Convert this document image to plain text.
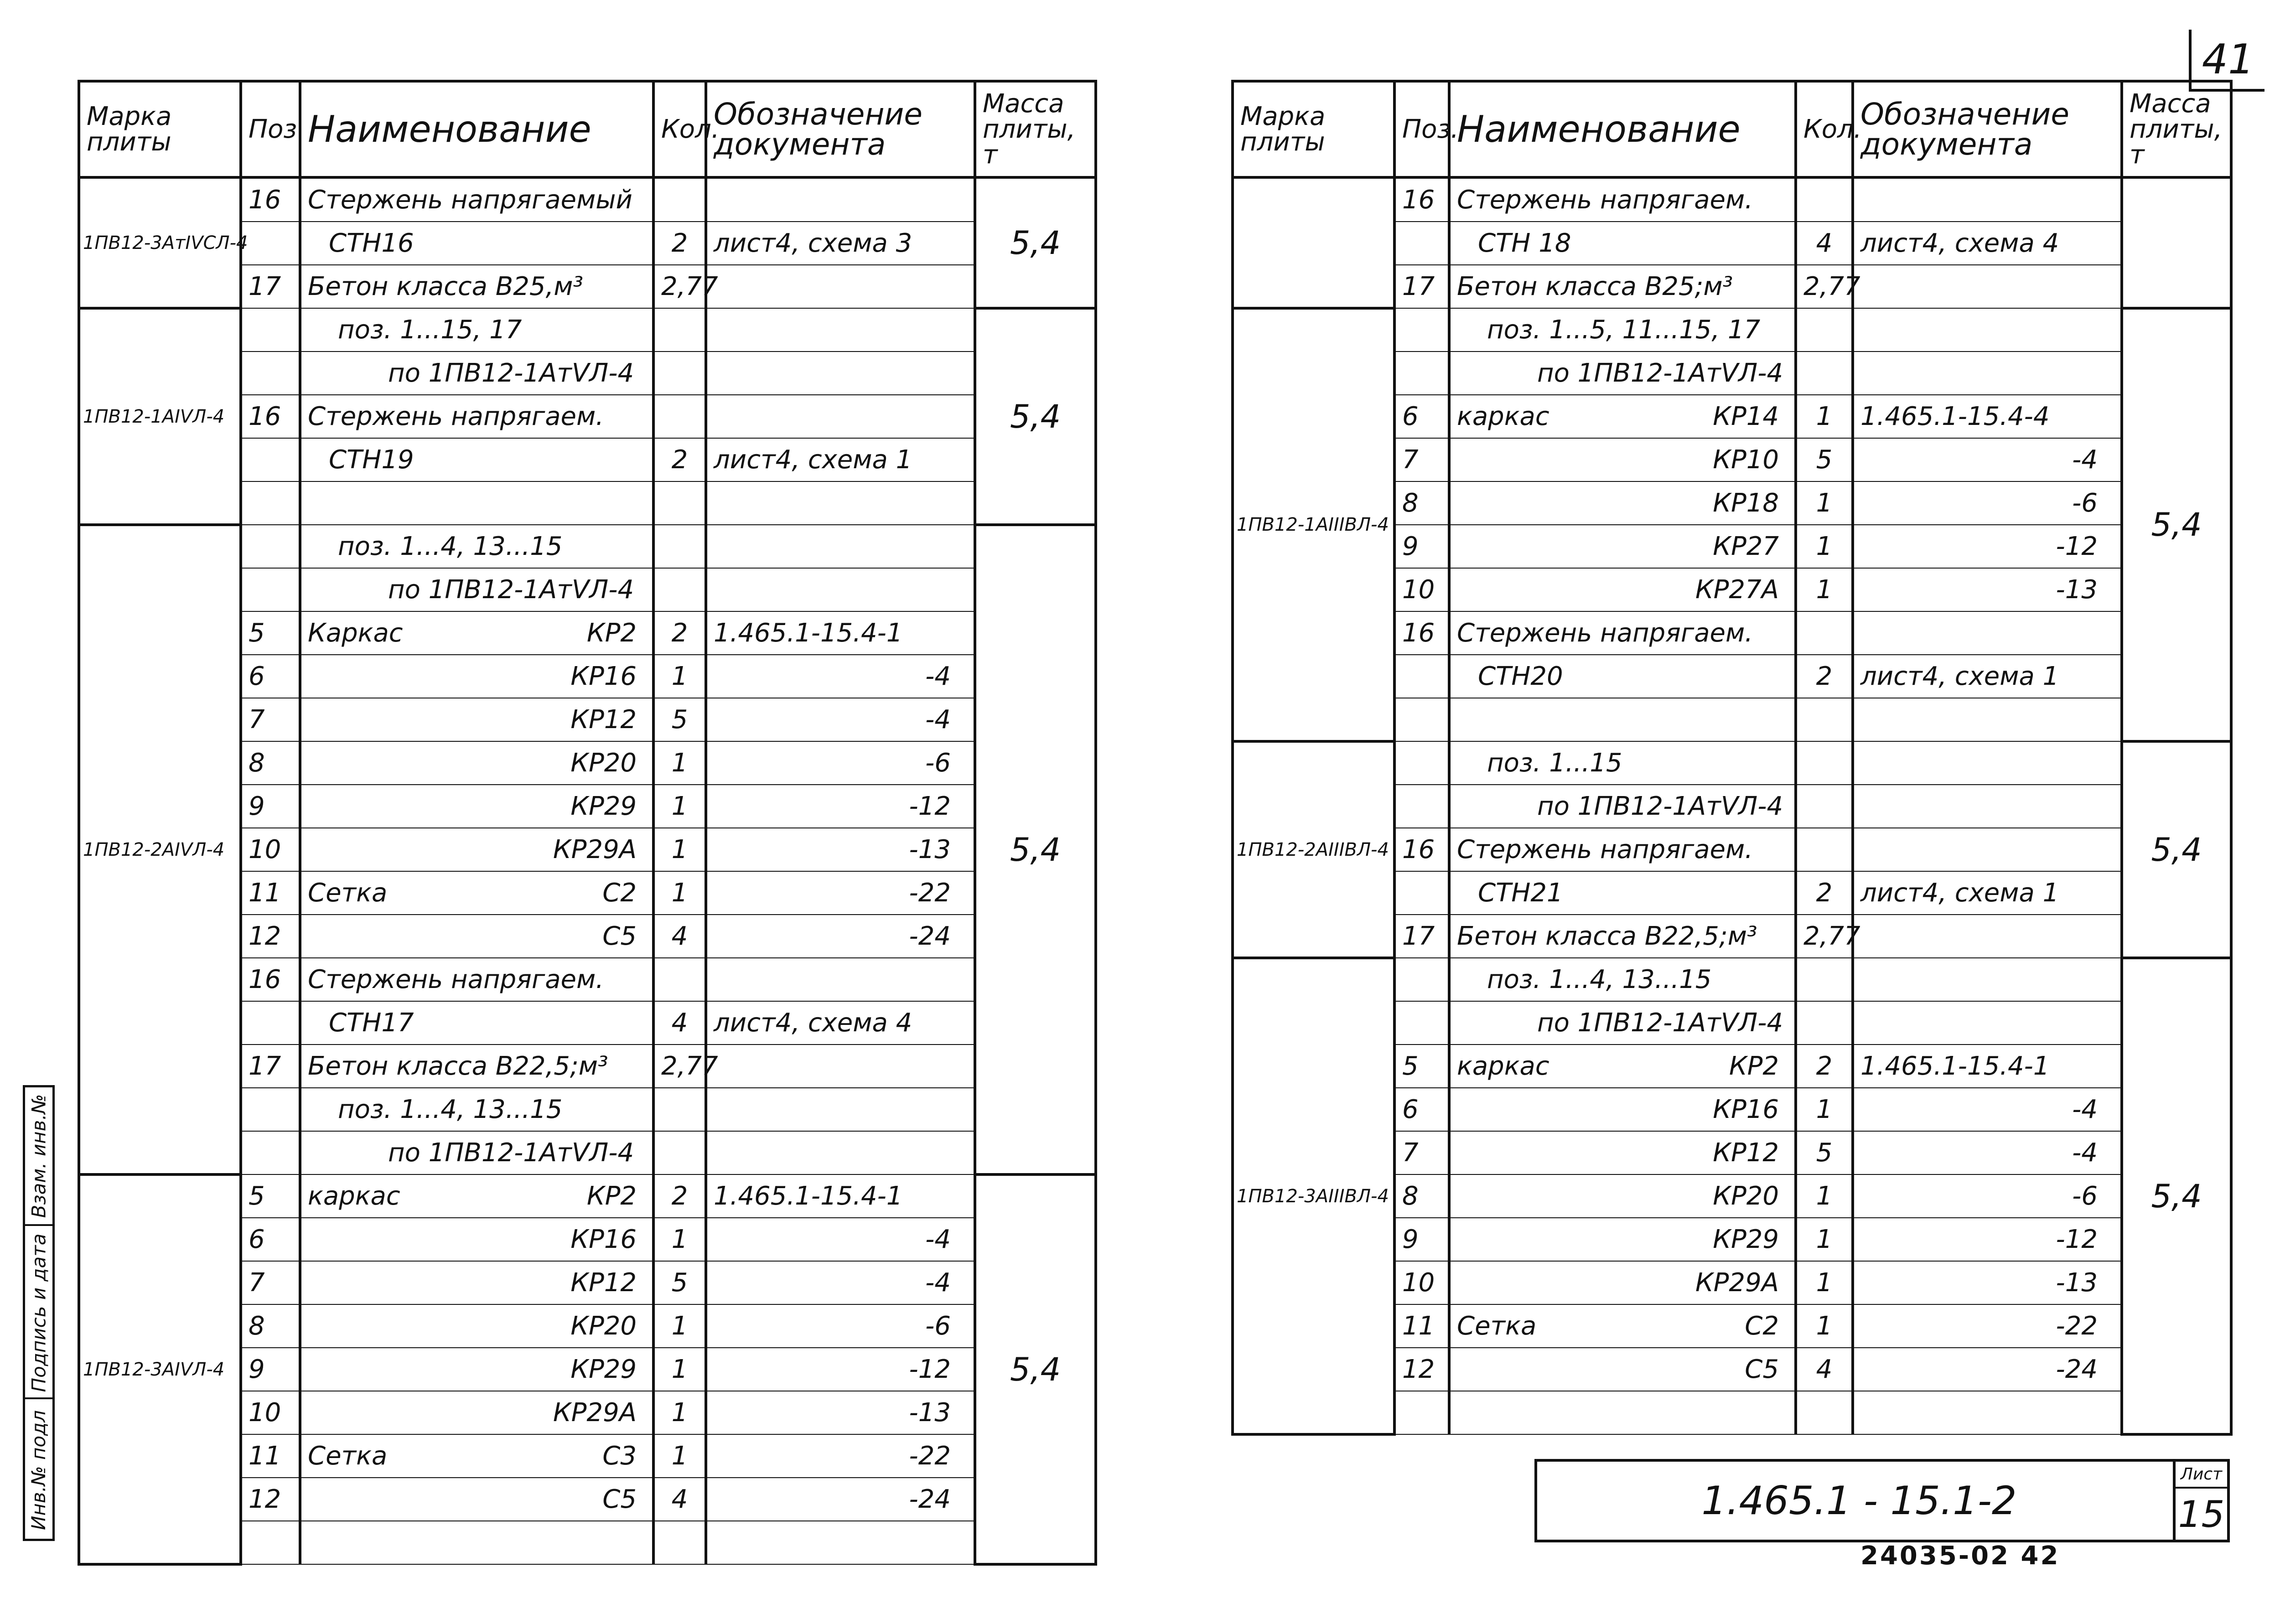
41
Марка плиты	Поз	Наименование	Кол.	Обозначение документа	Масса плиты, т
1ПВ12-3АтIVСЛ-4	16	Стержень напрягаемый			5,4

		СТН16	2	лист4, схема 3	
	17	Бетон класса В25,м³	2,77		
1ПВ12-1АIVЛ-4		поз. 1...15, 17			5,4

		по 1ПВ12-1АтVЛ-4			

	16	Стержень напрягаем.			

		СТН19	2	лист4, схема 1	

1ПВ12-2АIVЛ-4		поз. 1...4, 13...15			5,4

		по 1ПВ12-1АтVЛ-4			

	5	Каркас КР2	2	1.465.1-15.4-1	
	6	КР16	1	-4	
	7	КР12	5	-4	
	8	КР20	1	-6	
	9	КР29	1	-12	
	10	КР29А	1	-13	
	11	Сетка С2	1	-22	
	12	С5	4	-24	
	16	Стержень напрягаем.			

		СТН17	4	лист4, схема 4	
	17	Бетон класса В22,5;м³	2,77		

		поз. 1...4, 13...15			

		по 1ПВ12-1АтVЛ-4			

1ПВ12-3АIVЛ-4	5	каркас КР2	2	1.465.1-15.4-1	5,4
	6	КР16	1	-4	
	7	КР12	5	-4	
	8	КР20	1	-6	
	9	КР29	1	-12	
	10	КР29А	1	-13	
	11	Сетка С3	1	-22	
	12	С5	4	-24	

Марка плиты	Поз.	Наименование	Кол.	Обозначение документа	Масса плиты, т
	16	Стержень напрягаем.			

		СТН 18	4	лист4, схема 4	
	17	Бетон класса В25;м³	2,77		
1ПВ12-1АIIIВЛ-4		поз. 1...5, 11...15, 17			5,4

		по 1ПВ12-1АтVЛ-4			

	6	каркас КР14	1	1.465.1-15.4-4	
	7	КР10	5	-4	
	8	КР18	1	-6	
	9	КР27	1	-12	
	10	КР27А	1	-13	
	16	Стержень напрягаем.			

		СТН20	2	лист4, схема 1	

1ПВ12-2АIIIВЛ-4		поз. 1...15			5,4

		по 1ПВ12-1АтVЛ-4			

	16	Стержень напрягаем.			

		СТН21	2	лист4, схема 1	
	17	Бетон класса В22,5;м³	2,77		
1ПВ12-3АIIIВЛ-4		поз. 1...4, 13...15			5,4

		по 1ПВ12-1АтVЛ-4			

	5	каркас КР2	2	1.465.1-15.4-1	
	6	КР16	1	-4	
	7	КР12	5	-4	
	8	КР20	1	-6	
	9	КР29	1	-12	
	10	КР29А	1	-13	
	11	Сетка С2	1	-22	
	12	С5	4	-24	

1.465.1 - 15.1-2
Лист
15
24035-02 42
Взам. инв.№
Подпись и дата
Инв.№ подл
